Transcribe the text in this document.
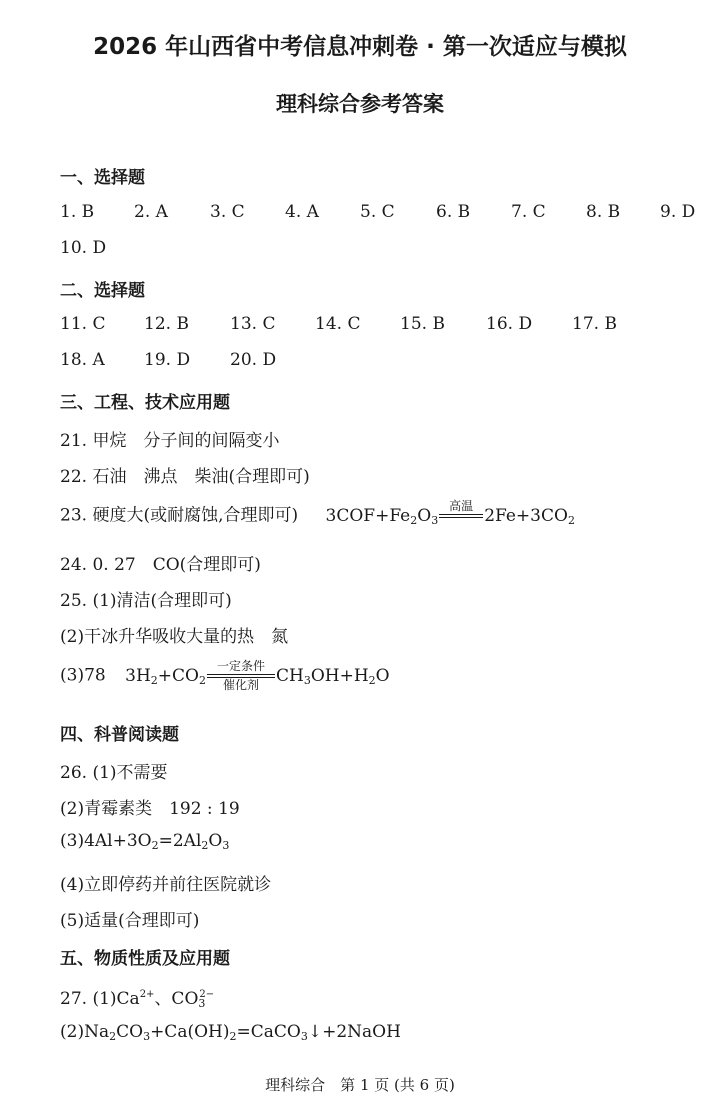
2026 年山西省中考信息冲刺卷 · 第一次适应与模拟
理科综合参考答案
一、选择题
1. B 2. A 3. C 4. A 5. C 6. B 7. C 8. B 9. D
10. D
二、选择题
11. C 12. B 13. C 14. C 15. B 16. D 17. B
18. A 19. D 20. D
三、工程、技术应用题
21. 甲烷　分子间的间隔变小
22. 石油　沸点　柴油(合理即可)
23. 硬度大(或耐腐蚀,合理即可) $3COF+Fe_2O_3$
高温
$2Fe+3CO_2$
24. 0. 27　CO(合理即可)
25. (1)清洁(合理即可)
(2)干冰升华吸收大量的热　氮
(3)78 $3H_2+CO_2$
一定条件
催化剂	$CH_3OH+H_2O$
四、科普阅读题
26. (1)不需要
(2)青霉素类　192 : 19
$(3)4Al+3O_2=2Al_2O_3$
(4)立即停药并前往医院就诊
(5)适量(合理即可)
五、物质性质及应用题
27. $(1)Ca^{2+}$、$CO_3^{2-}$
$(2)Na_2CO_3+Ca(OH)_2=CaCO_3↓+2NaOH$
理科综合　第 1 页 (共 6 页)
